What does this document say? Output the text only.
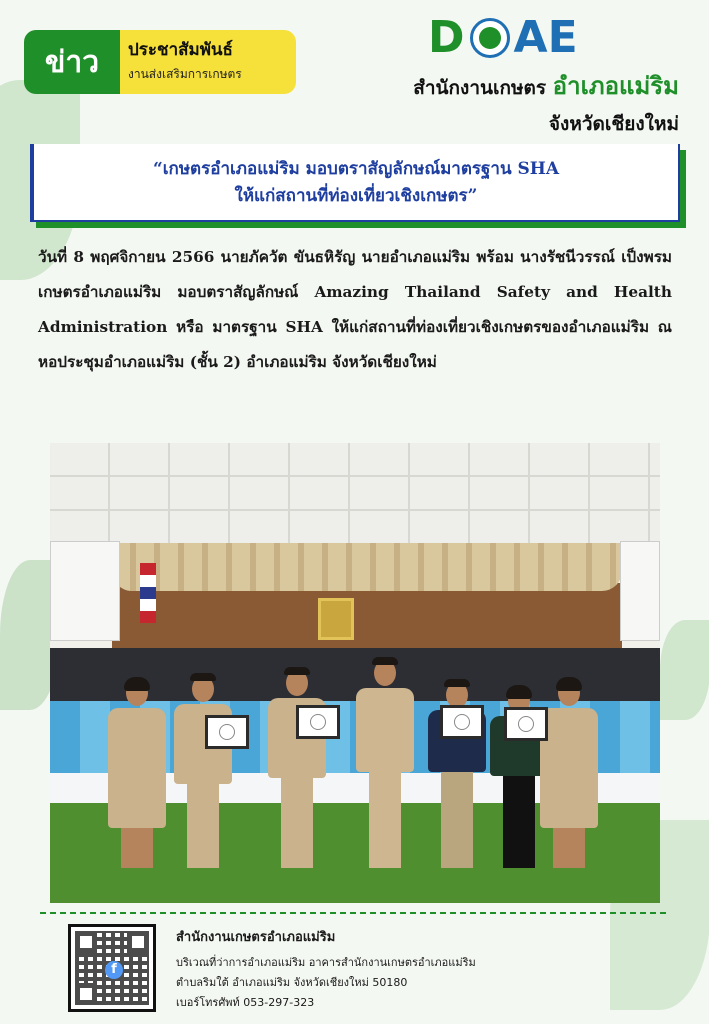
ข่าว	ประชาสัมพันธ์
งานส่งเสริมการเกษตร
D AE
สำนักงานเกษตร อำเภอแม่ริม
จังหวัดเชียงใหม่

“เกษตรอำเภอแม่ริม มอบตราสัญลักษณ์มาตรฐาน SHA

ให้แก่สถานที่ท่องเที่ยวเชิงเกษตร”

วันที่ 8 พฤศจิกายน 2566 นายภัควัต ขันธหิรัญ นายอำเภอแม่ริม พร้อม นางรัชนีวรรณ์ เป็งพรม เกษตรอำเภอแม่ริม มอบตราสัญลักษณ์ Amazing Thailand Safety and Health Administration หรือ มาตรฐาน SHA ให้แก่สถานที่ท่องเที่ยวเชิงเกษตรของอำเภอแม่ริม ณ หอประชุมอำเภอแม่ริม (ชั้น 2) อำเภอแม่ริม จังหวัดเชียงใหม่
f
สำนักงานเกษตรอำเภอแม่ริม
บริเวณที่ว่าการอำเภอแม่ริม อาคารสำนักงานเกษตรอำเภอแม่ริม
ตำบลริมใต้ อำเภอแม่ริม จังหวัดเชียงใหม่ 50180
เบอร์โทรศัพท์ 053-297-323
